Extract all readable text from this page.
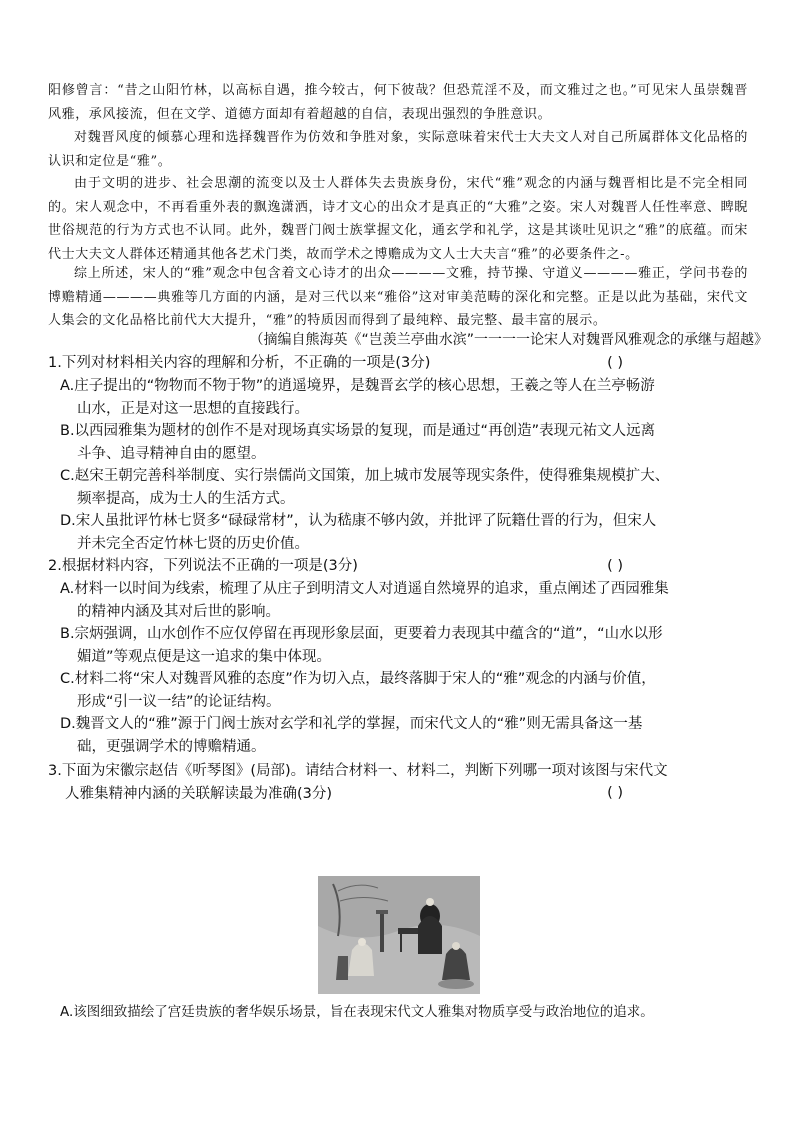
阳修曾言：“昔之山阳竹林，以高标自遇，推今较古，何下彼哉？但恐荒淫不及，而文雅过之也。”可见宋人虽崇魏晋风雅，承风接流，但在文学、道德方面却有着超越的自信，表现出强烈的争胜意识。

对魏晋风度的倾慕心理和选择魏晋作为仿效和争胜对象，实际意味着宋代士大夫文人对自己所属群体文化品格的认识和定位是“雅”。

由于文明的进步、社会思潮的流变以及士人群体失去贵族身份，宋代“雅”观念的内涵与魏晋相比是不完全相同的。宋人观念中，不再看重外表的飘逸潇洒，诗才文心的出众才是真正的“大雅”之姿。宋人对魏晋人任性率意、睥睨世俗规范的行为方式也不认同。此外，魏晋门阀士族掌握文化，通玄学和礼学，这是其谈吐见识之“雅”的底蕴。而宋代士大夫文人群体还精通其他各艺术门类，故而学术之博赡成为文人士大夫言“雅”的必要条件之-。

综上所述，宋人的“雅”观念中包含着文心诗才的出众————文雅，持节操、守道义————雅正，学问书卷的博赡精通————典雅等几方面的内涵，是对三代以来“雅俗”这对审美范畴的深化和完整。正是以此为基础，宋代文人集会的文化品格比前代大大提升，“雅”的特质因而得到了最纯粹、最完整、最丰富的展示。

（摘编自熊海英《“岂羡兰亭曲水滨”一一一一论宋人对魏晋风雅观念的承继与超越》

1.下列对材料相关内容的理解和分析，不正确的一项是(3分)	( )

A.庄子提出的“物物而不物于物”的逍遥境界，是魏晋玄学的核心思想，王羲之等人在兰亭畅游
山水，正是对这一思想的直接践行。

B.以西园雅集为题材的创作不是对现场真实场景的复现，而是通过“再创造”表现元祐文人远离
斗争、追寻精神自由的愿望。

C.赵宋王朝完善科举制度、实行崇儒尚文国策，加上城市发展等现实条件，使得雅集规模扩大、
频率提高，成为士人的生活方式。

D.宋人虽批评竹林七贤多“碌碌常材”，认为嵇康不够内敛，并批评了阮籍仕晋的行为，但宋人
并未完全否定竹林七贤的历史价值。

2.根据材料内容，下列说法不正确的一项是(3分)	( )

A.材料一以时间为线索，梳理了从庄子到明清文人对逍遥自然境界的追求，重点阐述了西园雅集
的精神内涵及其对后世的影响。

B.宗炳强调，山水创作不应仅停留在再现形象层面，更要着力表现其中蕴含的“道”，“山水以形
媚道”等观点便是这一追求的集中体现。

C.材料二将“宋人对魏晋风雅的态度”作为切入点，最终落脚于宋人的“雅”观念的内涵与价值，
形成“引一议一结”的论证结构。

D.魏晋文人的“雅”源于门阀士族对玄学和礼学的掌握，而宋代文人的“雅”则无需具备这一基
础，更强调学术的博赡精通。

3.下面为宋徽宗赵佶《听琴图》(局部)。请结合材料一、材料二，判断下列哪一项对该图与宋代文
人雅集精神内涵的关联解读最为准确(3分)	( )

A.该图细致描绘了宫廷贵族的奢华娱乐场景，旨在表现宋代文人雅集对物质享受与政治地位的追求。
